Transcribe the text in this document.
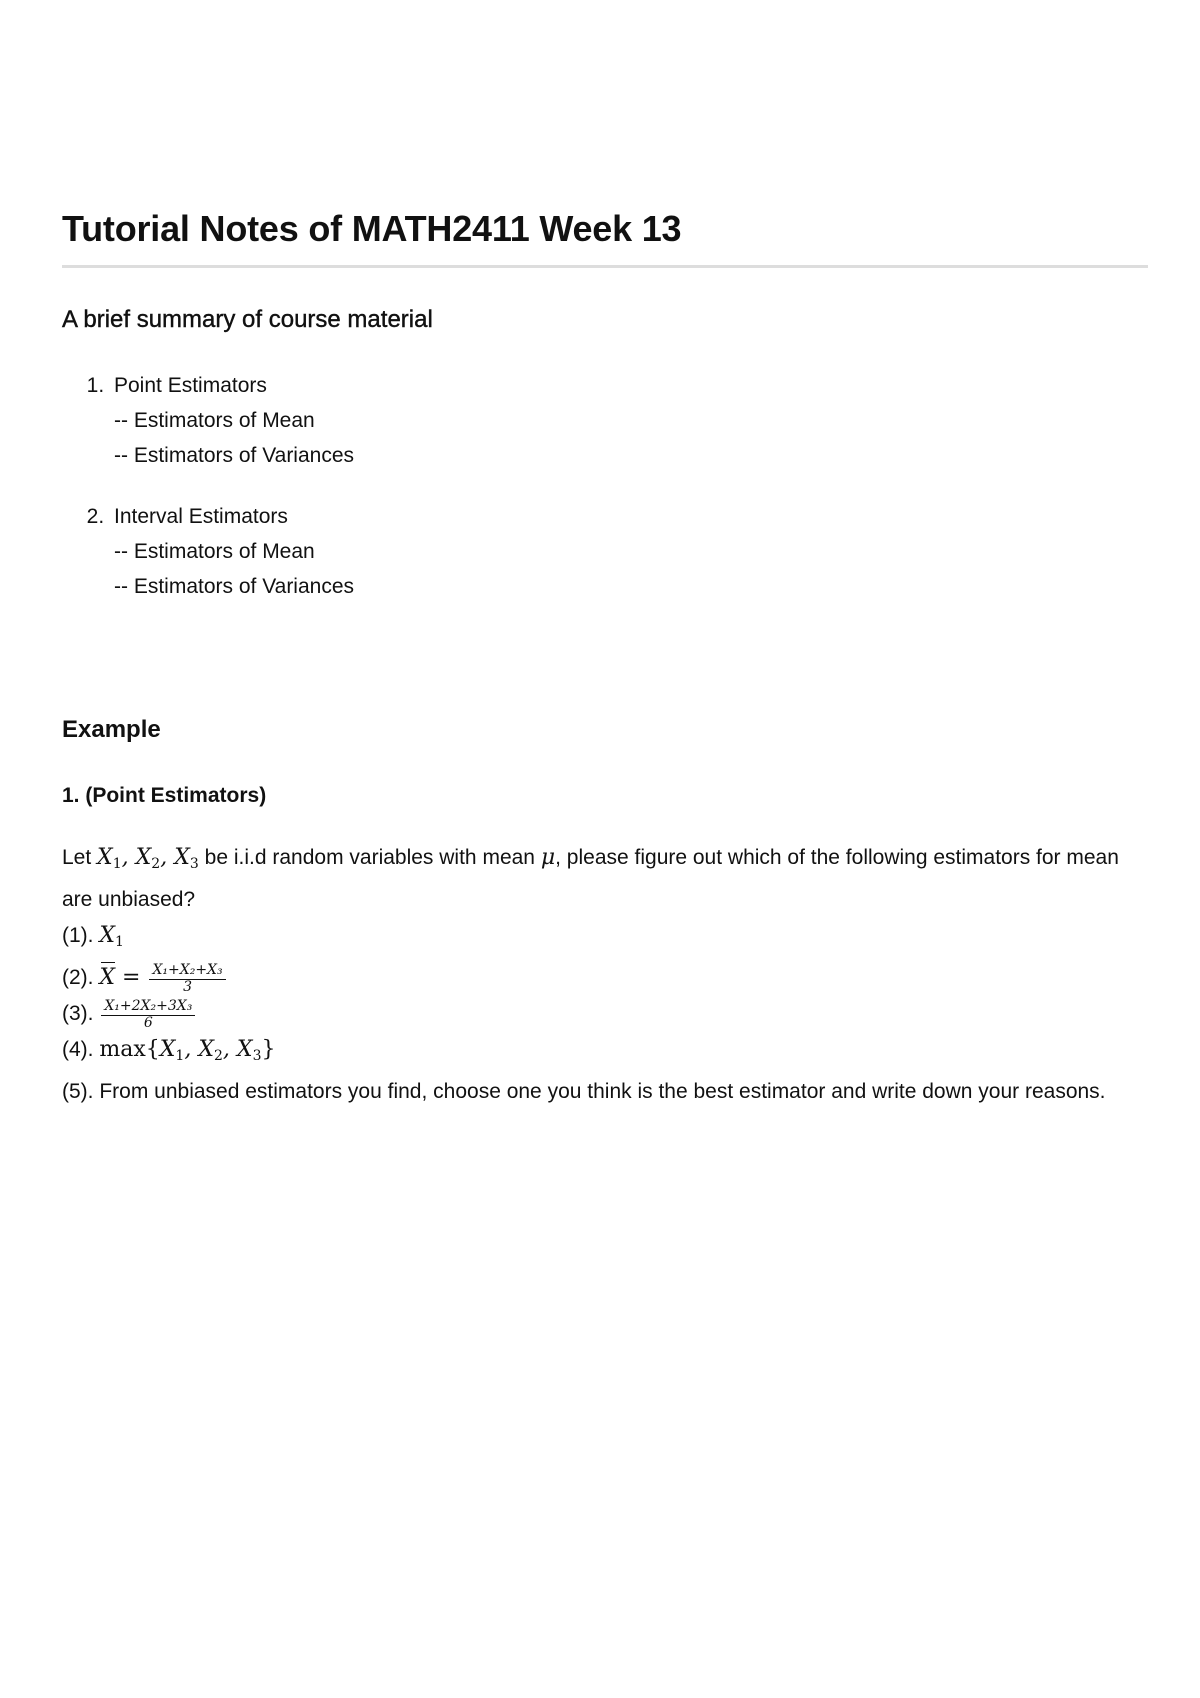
Tutorial Notes of MATH2411 Week 13
A brief summary of course material
1. Point Estimators
-- Estimators of Mean
-- Estimators of Variances
2. Interval Estimators
-- Estimators of Mean
-- Estimators of Variances
Example
1. (Point Estimators)
Let $X_1$, $X_2$, $X_3$ be i.i.d random variables with mean μ, please figure out which of the following estimators for mean are unbiased?
(1). $X_1$
(2). $X = \frac{\text{X₁+X₂+X₃}}{3}$
(3). $\frac{\text{X₁+2X₂+3X₃}}{6}$
(4). $\max\{X_1$, $X_2$, $X_3$}
(5). From unbiased estimators you find, choose one you think is the best estimator and write down your reasons.
